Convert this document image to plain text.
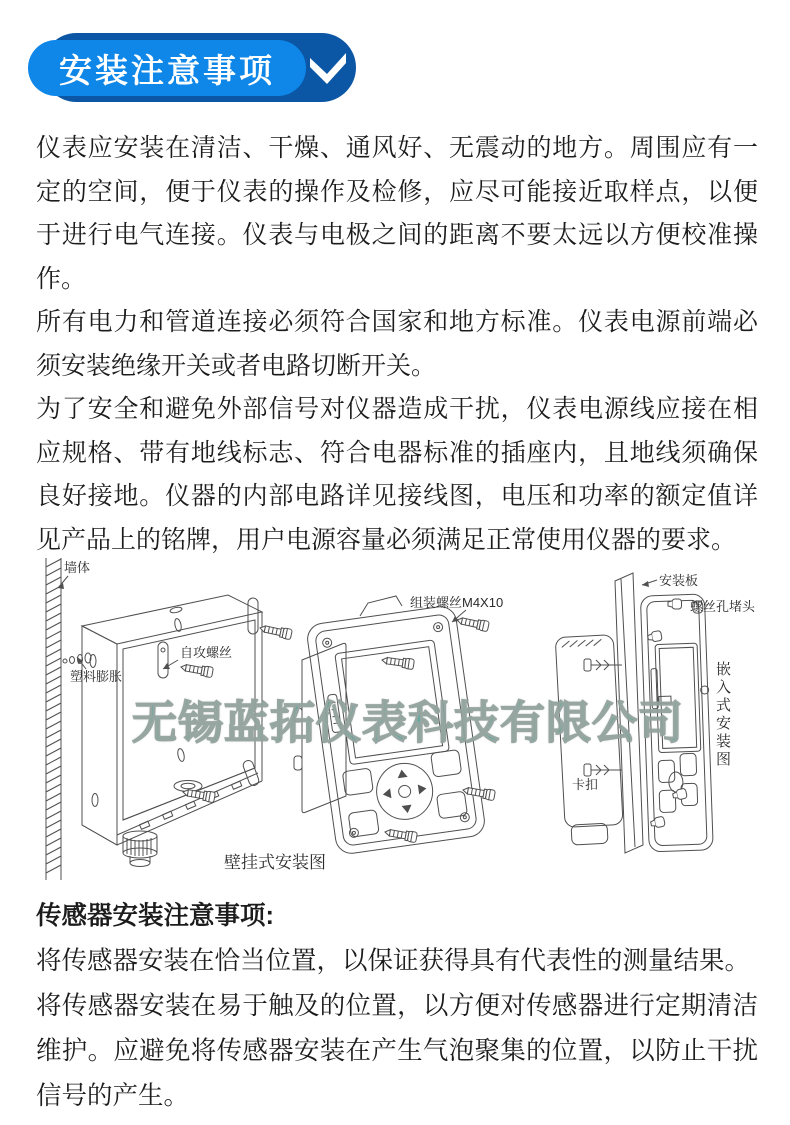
安装注意事项

仪表应安装在清洁、干燥、通风好、无震动的地方。周围应有一定的空间，便于仪表的操作及检修，应尽可能接近取样点，以便于进行电气连接。仪表与电极之间的距离不要太远以方便校准操作。

所有电力和管道连接必须符合国家和地方标准。仪表电源前端必须安装绝缘开关或者电路切断开关。

为了安全和避免外部信号对仪器造成干扰，仪表电源线应接在相应规格、带有地线标志、符合电器标准的插座内，且地线须确保良好接地。仪器的内部电路详见接线图，电压和功率的额定值详见产品上的铭牌，用户电源容量必须满足正常使用仪器的要求。

墙体
塑料膨胀
自攻螺丝
组装螺丝M4X10
安装板
螺丝孔堵头
卡扣
壁挂式安装图
嵌入式安装图
无锡蓝拓仪表科技有限公司
传感器安装注意事项:

将传感器安装在恰当位置，以保证获得具有代表性的测量结果。

将传感器安装在易于触及的位置，以方便对传感器进行定期清洁维护。应避免将传感器安装在产生气泡聚集的位置，以防止干扰信号的产生。
